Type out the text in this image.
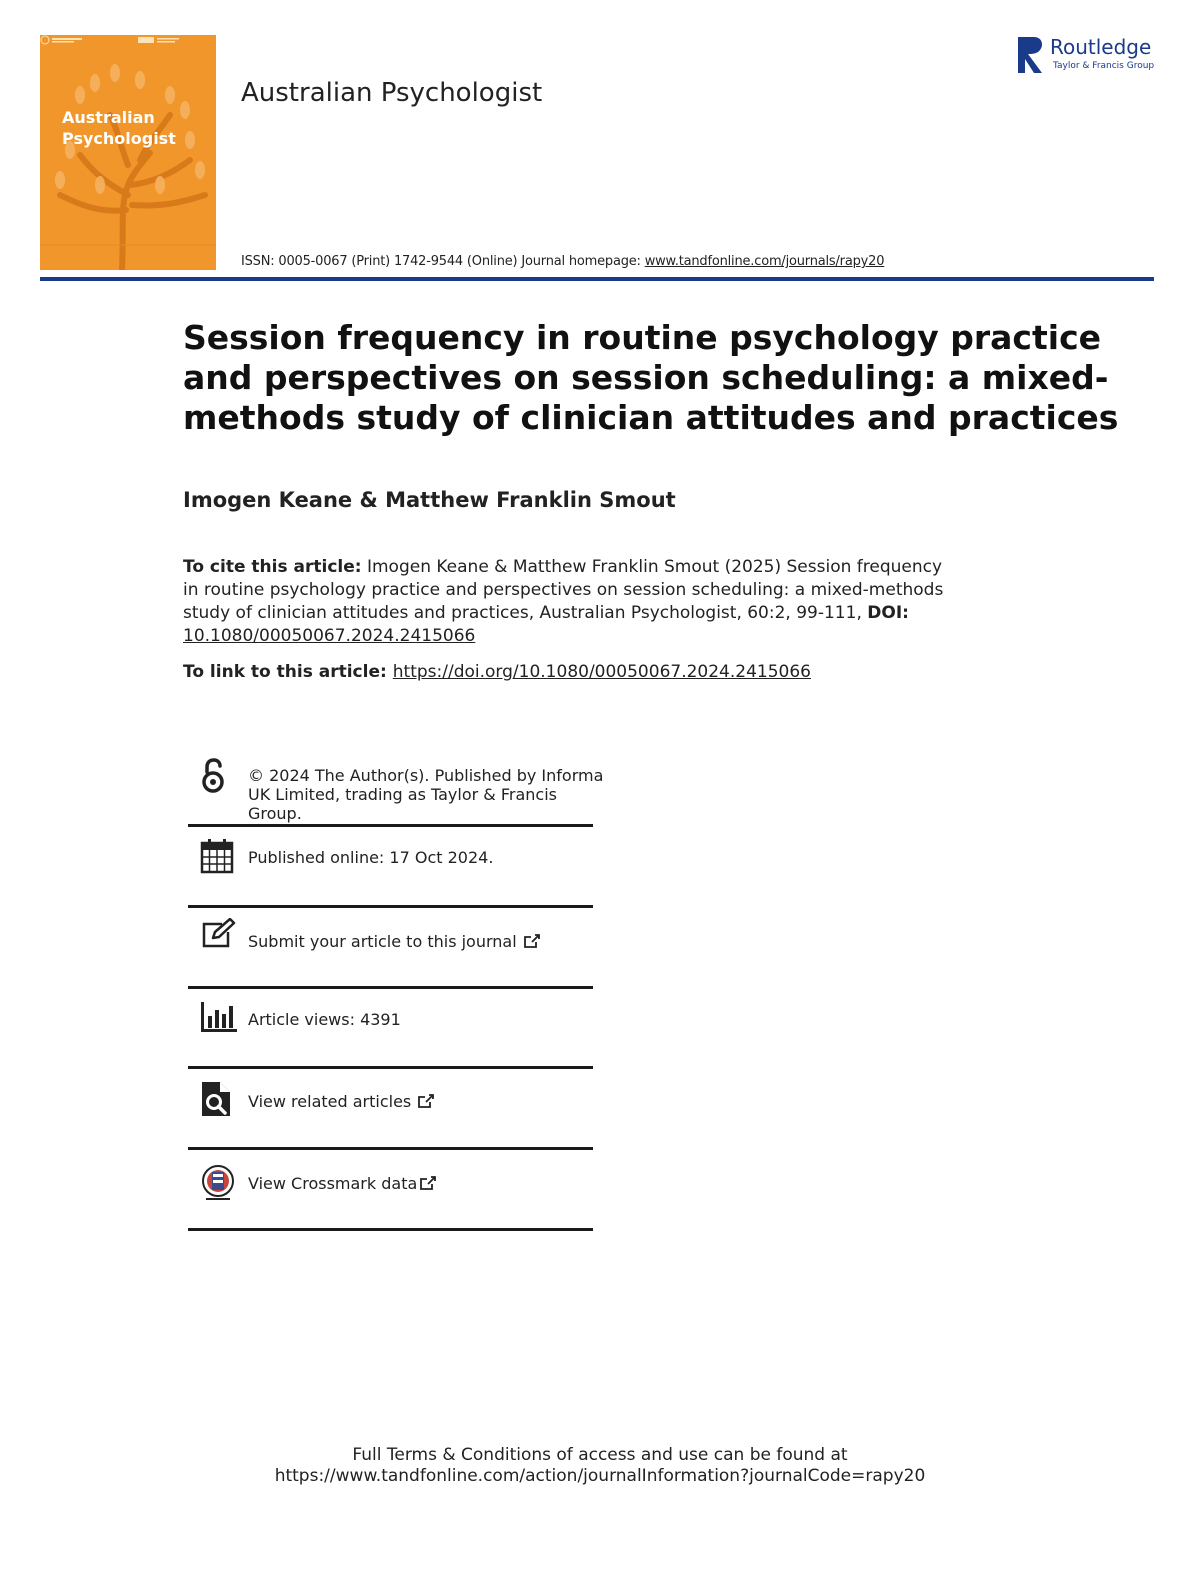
Australian
Psychologist
Australian Psychologist
ISSN: 0005-0067 (Print) 1742-9544 (Online) Journal homepage: www.tandfonline.com/journals/rapy20
Routledge
Taylor & Francis Group
Session frequency in routine psychology practice
and perspectives on session scheduling: a mixed-
methods study of clinician attitudes and practices
Imogen Keane & Matthew Franklin Smout
To cite this article: Imogen Keane & Matthew Franklin Smout (2025) Session frequency
in routine psychology practice and perspectives on session scheduling: a mixed-methods
study of clinician attitudes and practices, Australian Psychologist, 60:2, 99-111, DOI:
10.1080/00050067.2024.2415066
To link to this article: https://doi.org/10.1080/00050067.2024.2415066
© 2024 The Author(s). Published by Informa
UK Limited, trading as Taylor & Francis
Group.
Published online: 17 Oct 2024.
Submit your article to this journal
Article views: 4391
View related articles
View Crossmark data
Full Terms & Conditions of access and use can be found at
https://www.tandfonline.com/action/journalInformation?journalCode=rapy20
